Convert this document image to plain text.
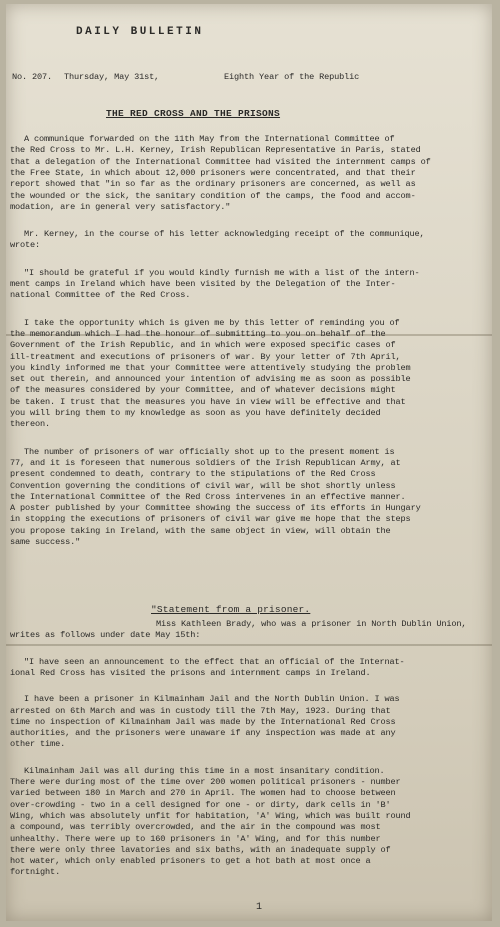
DAILY BULLETIN
No. 207. Thursday, May 31st,	Eighth Year of the Republic
THE RED CROSS AND THE PRISONS
A communique forwarded on the 11th May from the International Committee of
the Red Cross to Mr. L.H. Kerney, Irish Republican Representative in Paris, stated
that a delegation of the International Committee had visited the internment camps of
the Free State, in which about 12,000 prisoners were concentrated, and that their
report showed that "in so far as the ordinary prisoners are concerned, as well as
the wounded or the sick, the sanitary condition of the camps, the food and accom-
modation, are in general very satisfactory."
Mr. Kerney, in the course of his letter acknowledging receipt of the communique,
wrote:
"I should be grateful if you would kindly furnish me with a list of the intern-
ment camps in Ireland which have been visited by the Delegation of the Inter-
national Committee of the Red Cross.
I take the opportunity which is given me by this letter of reminding you of
the memorandum which I had the honour of submitting to you on behalf of the
Government of the Irish Republic, and in which were exposed specific cases of
ill-treatment and executions of prisoners of war. By your letter of 7th April,
you kindly informed me that your Committee were attentively studying the problem
set out therein, and announced your intention of advising me as soon as possible
of the measures considered by your Committee, and of whatever decisions might
be taken. I trust that the measures you have in view will be effective and that
you will bring them to my knowledge as soon as you have definitely decided
thereon.
The number of prisoners of war officially shot up to the present moment is
77, and it is foreseen that numerous soldiers of the Irish Republican Army, at
present condemned to death, contrary to the stipulations of the Red Cross
Convention governing the conditions of civil war, will be shot shortly unless
the International Committee of the Red Cross intervenes in an effective manner.
A poster published by your Committee showing the success of its efforts in Hungary
in stopping the executions of prisoners of civil war give me hope that the steps
you propose taking in Ireland, with the same object in view, will obtain the
same success."
"Statement from a prisoner.
Miss Kathleen Brady, who was a prisoner in North Dublin Union,
writes as follows under date May 15th:
"I have seen an announcement to the effect that an official of the Internat-
ional Red Cross has visited the prisons and internment camps in Ireland.
I have been a prisoner in Kilmainham Jail and the North Dublin Union. I was
arrested on 6th March and was in custody till the 7th May, 1923. During that
time no inspection of Kilmainham Jail was made by the International Red Cross
authorities, and the prisoners were unaware if any inspection was made at any
other time.
Kilmainham Jail was all during this time in a most insanitary condition.
There were during most of the time over 200 women political prisoners - number
varied between 180 in March and 270 in April. The women had to choose between
over-crowding - two in a cell designed for one - or dirty, dark cells in 'B'
Wing, which was absolutely unfit for habitation, 'A' Wing, which was built round
a compound, was terribly overcrowded, and the air in the compound was most
unhealthy. There were up to 160 prisoners in 'A' Wing, and for this number
there were only three lavatories and six baths, with an inadequate supply of
hot water, which only enabled prisoners to get a hot bath at most once a
fortnight.
1
